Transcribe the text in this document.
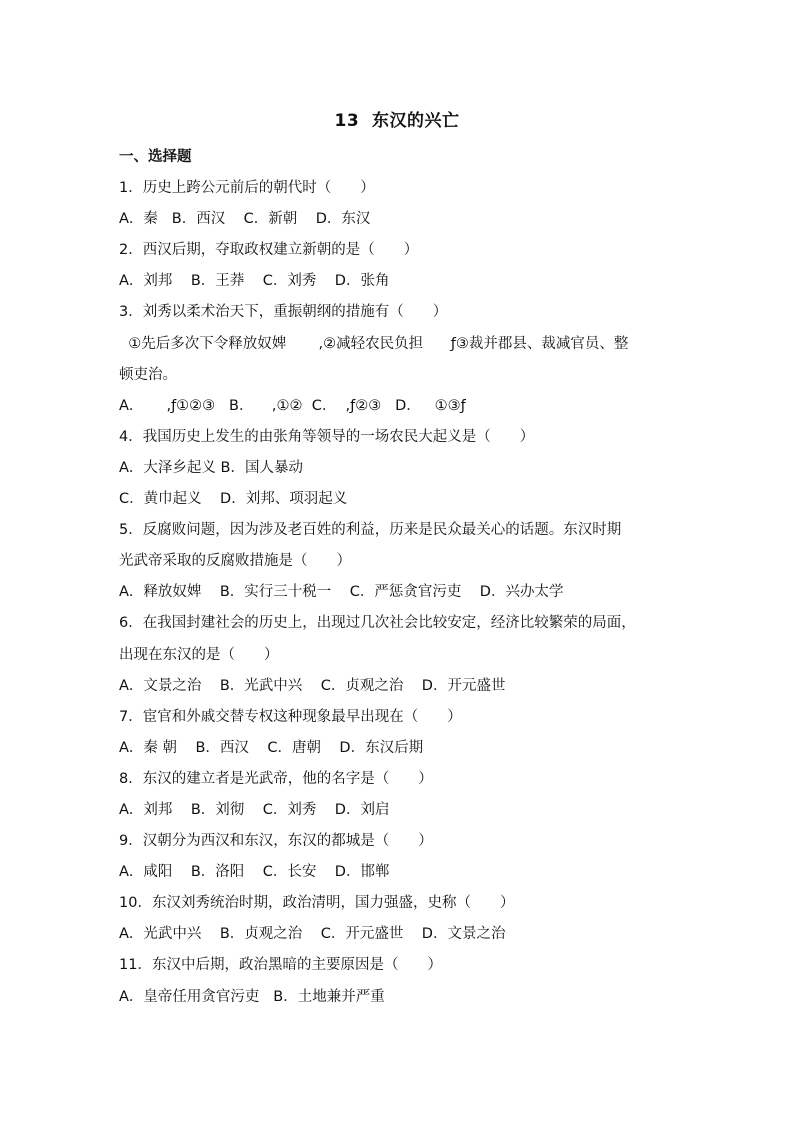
13  东汉的兴亡
一、选择题
1．历史上跨公元前后的朝代时（　　）
A．秦   B．西汉    C．新朝    D．东汉
2．西汉后期，夺取政权建立新朝的是（　　）
A．刘邦    B．王莽    C．刘秀    D．张角
3．刘秀以柔术治天下，重振朝纲的措施有（　　）
①先后多次下令释放奴婢       ,②减轻农民负担      ƒ③裁并郡县、裁减官员、整
顿吏治。
A．     ,ƒ①②③   B．    ,①②  C．  ,ƒ②③   D．   ①③ƒ
4．我国历史上发生的由张角等领导的一场农民大起义是（　　）
A．大泽乡起义 B．国人暴动
C．黄巾起义    D．刘邦、项羽起义
5．反腐败问题，因为涉及老百姓的利益，历来是民众最关心的话题。东汉时期
光武帝采取的反腐败措施是（　　）
A．释放奴婢    B．实行三十税一    C．严惩贪官污吏    D．兴办太学
6．在我国封建社会的历史上，出现过几次社会比较安定，经济比较繁荣的局面，
出现在东汉的是（　　）
A．文景之治    B．光武中兴    C．贞观之治    D．开元盛世
7．宦官和外戚交替专权这种现象最早出现在（　　）
A．秦 朝    B．西汉    C．唐朝    D．东汉后期
8．东汉的建立者是光武帝，他的名字是（　　）
A．刘邦    B．刘彻    C．刘秀    D．刘启
9．汉朝分为西汉和东汉，东汉的都城是（　　）
A．咸阳    B．洛阳    C．长安    D．邯郸
10．东汉刘秀统治时期，政治清明，国力强盛，史称（　　）
A．光武中兴    B．贞观之治    C．开元盛世    D．文景之治
11．东汉中后期，政治黑暗的主要原因是（　　）
A．皇帝任用贪官污吏   B．土地兼并严重
